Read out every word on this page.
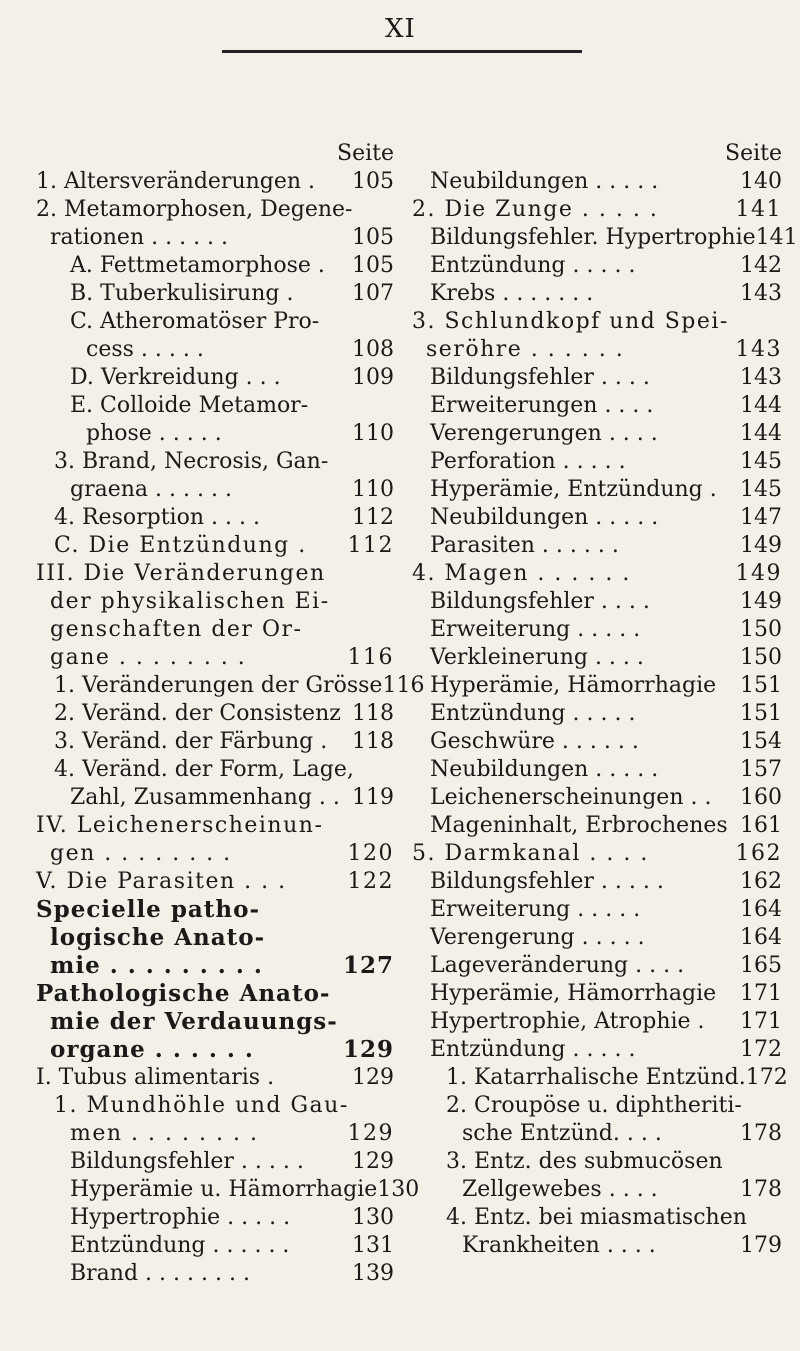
XI
Seite
1. Altersveränderungen . 105
2. Metamorphosen, Degene-
rationen . . . . . .	105
A. Fettmetamorphose . 105
B. Tuberkulisirung .	107
C. Atheromatöser Pro-
cess . . . . .	108
D. Verkreidung . . .	109
E. Colloide Metamor-
phose . . . . .	110
3. Brand, Necrosis, Gan-
graena . . . . . .	110
4. Resorption . . . .	112
C. Die Entzündung . 112
III. Die Veränderungen
der physikalischen Ei-
genschaften der Or-
gane . . . . . . . .	116
1. Veränderungen der Grösse 116
2. Veränd. der Consistenz 118
3. Veränd. der Färbung . 118
4. Veränd. der Form, Lage,
Zahl, Zusammenhang . . 119
IV. Leichenerscheinun-
gen . . . . . . . .	120
V. Die Parasiten . . .	122
Specielle patho-
logische Anato-
mie . . . . . . . . .	127
Pathologische Anato-
mie der Verdauungs-
organe . . . . . .	129
I. Tubus alimentaris .	129
1. Mundhöhle und Gau-
men . . . . . . . .	129
Bildungsfehler . . . . . 129
Hyperämie u. Hämorrhagie 130
Hypertrophie . . . . .	130
Entzündung . . . . . .	131
Brand . . . . . . . .	139
Seite
Neubildungen . . . . .	140
2. Die Zunge . . . . .	141
Bildungsfehler. Hypertrophie 141
Entzündung . . . . .	142
Krebs . . . . . . .	143
3. Schlundkopf und Spei-
seröhre . . . . . .	143
Bildungsfehler . . . .	143
Erweiterungen . . . .	144
Verengerungen . . . .	144
Perforation . . . . .	145
Hyperämie, Entzündung . 145
Neubildungen . . . . .	147
Parasiten . . . . . .	149
4. Magen . . . . . .	149
Bildungsfehler . . . .	149
Erweiterung . . . . .	150
Verkleinerung . . . .	150
Hyperämie, Hämorrhagie 151
Entzündung . . . . .	151
Geschwüre . . . . . .	154
Neubildungen . . . . .	157
Leichenerscheinungen . . 160
Mageninhalt, Erbrochenes 161
5. Darmkanal . . . .	162
Bildungsfehler . . . . .	162
Erweiterung . . . . .	164
Verengerung . . . . .	164
Lageveränderung . . . .	165
Hyperämie, Hämorrhagie 171
Hypertrophie, Atrophie . 171
Entzündung . . . . .	172
1. Katarrhalische Entzünd. 172
2. Croupöse u. diphtheriti-
sche Entzünd. . . .	178
3. Entz. des submucösen
Zellgewebes . . . .	178
4. Entz. bei miasmatischen
Krankheiten . . . .	179
